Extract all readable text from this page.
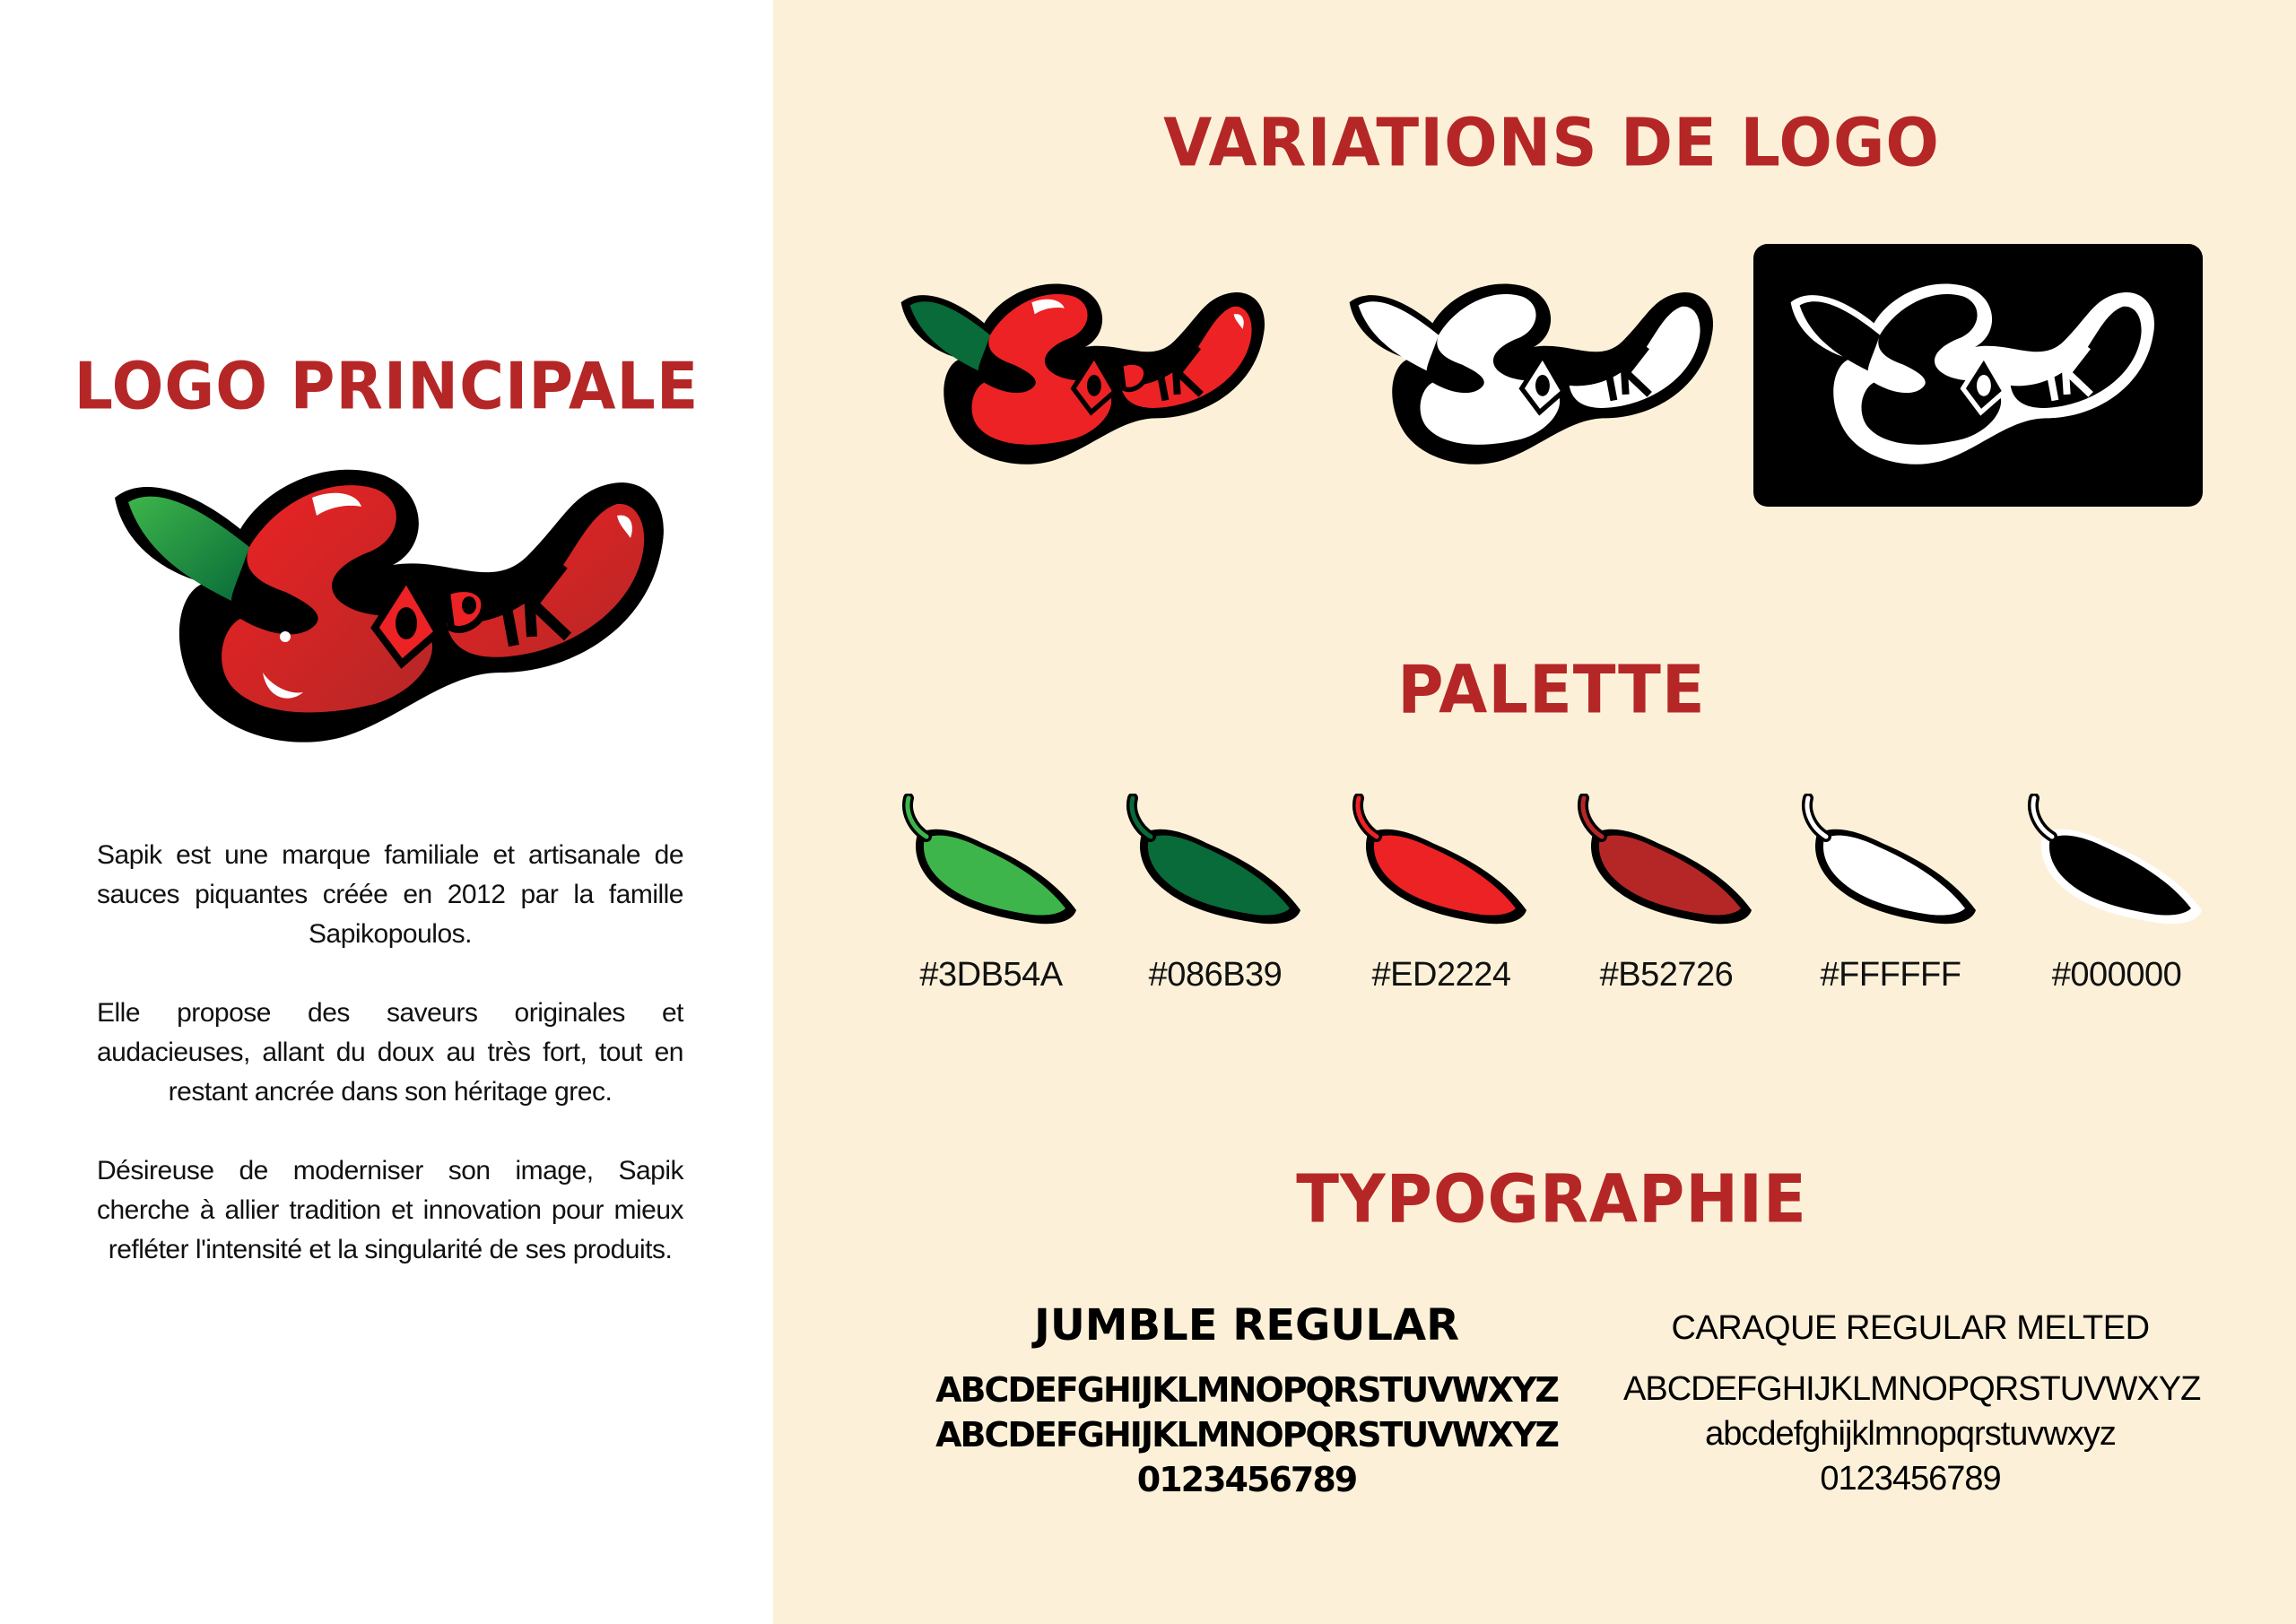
LOGO PRINCIPALE

Sapik est une marque familiale et artisanale de sauces piquantes créée en 2012 par la famille Sapikopoulos.

Elle propose des saveurs originales et audacieuses, allant du doux au très fort, tout en restant ancrée dans son héritage grec.

Désireuse de moderniser son image, Sapik cherche à allier tradition et innovation pour mieux refléter l'intensité et la singularité de ses produits.

VARIATIONS DE LOGO
PALETTE
#3DB54A	#086B39	#ED2224	#B52726	#FFFFFF	#000000
TYPOGRAPHIE
JUMBLE REGULAR
ABCDEFGHIJKLMNOPQRSTUVWXYZ
ABCDEFGHIJKLMNOPQRSTUVWXYZ
0123456789
CARAQUE REGULAR MELTED
ABCDEFGHIJKLMNOPQRSTUVWXYZ
abcdefghijklmnopqrstuvwxyz
0123456789
